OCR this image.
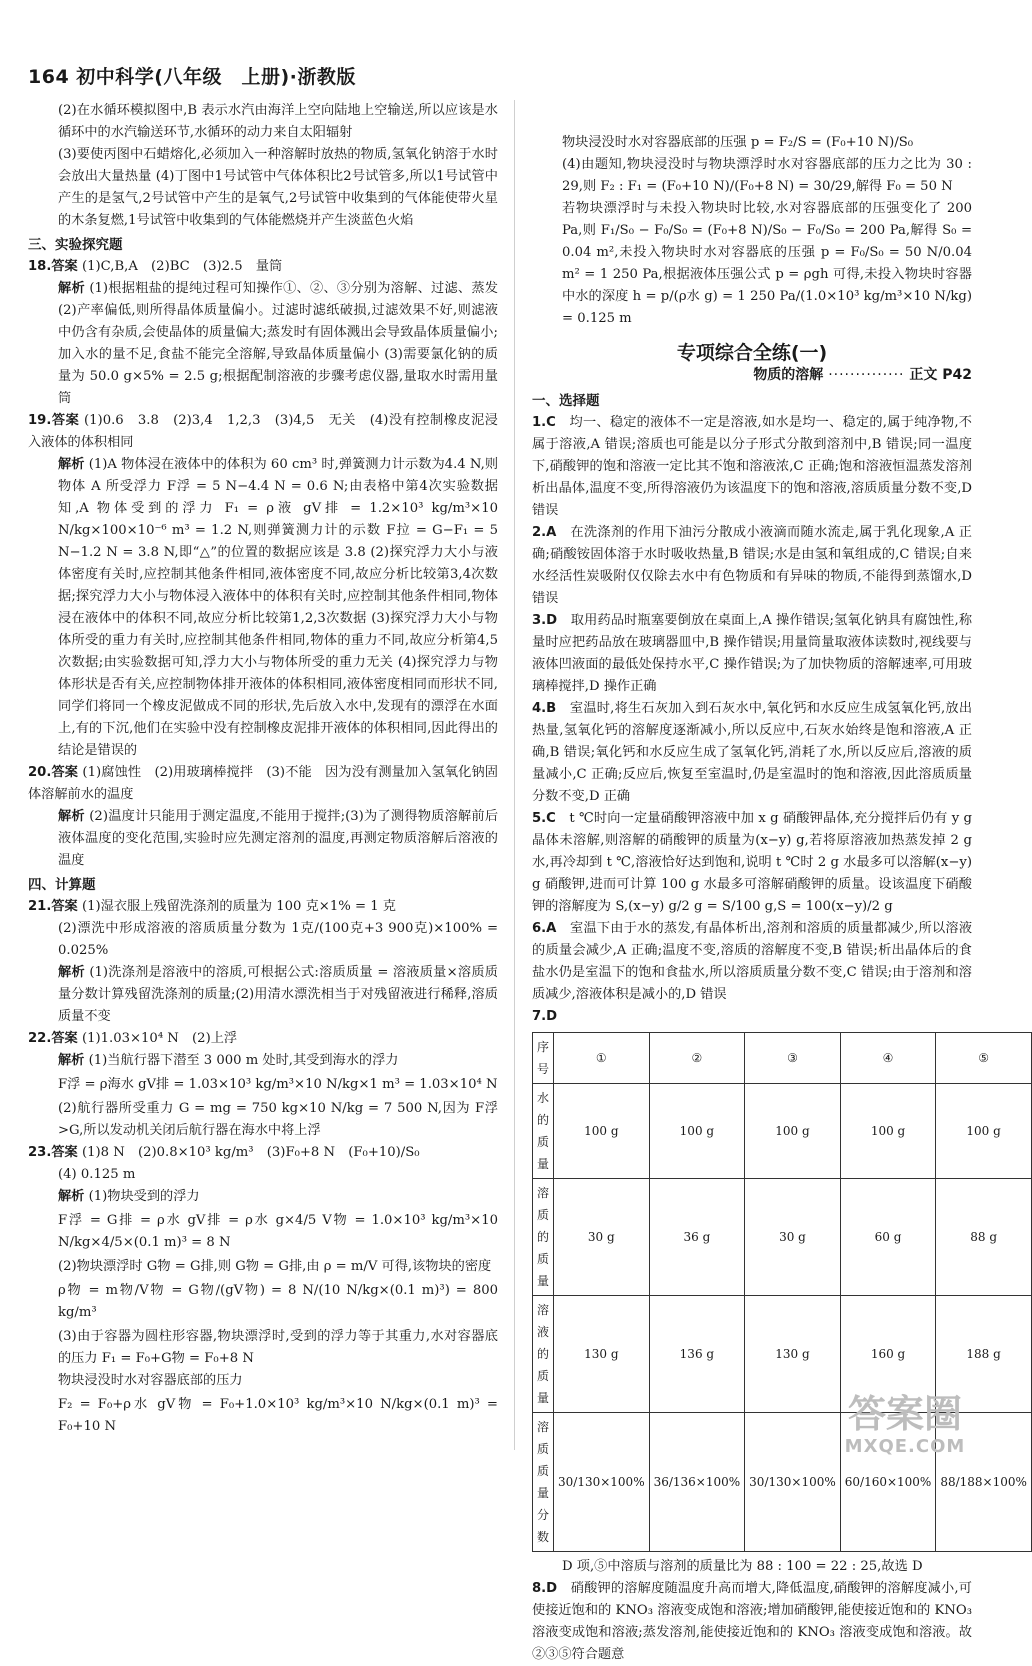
164 初中科学(八年级　上册)·浙教版

(2)在水循环模拟图中,B 表示水汽由海洋上空向陆地上空输送,所以应该是水循环中的水汽输送环节,水循环的动力来自太阳辐射

(3)要使丙图中石蜡熔化,必须加入一种溶解时放热的物质,氢氧化钠溶于水时会放出大量热量 (4)丁图中1号试管中气体体积比2号试管多,所以1号试管中产生的是氢气,2号试管中产生的是氧气,2号试管中收集到的气体能使带火星的木条复燃,1号试管中收集到的气体能燃烧并产生淡蓝色火焰

三、实验探究题

18.答案 (1)C,B,A　(2)BC　(3)2.5　量筒

解析 (1)根据粗盐的提纯过程可知操作①、②、③分别为溶解、过滤、蒸发 (2)产率偏低,则所得晶体质量偏小。过滤时滤纸破损,过滤效果不好,则滤液中仍含有杂质,会使晶体的质量偏大;蒸发时有固体溅出会导致晶体质量偏小;加入水的量不足,食盐不能完全溶解,导致晶体质量偏小 (3)需要氯化钠的质量为 50.0 g×5% = 2.5 g;根据配制溶液的步骤考虑仪器,量取水时需用量筒

19.答案 (1)0.6　3.8　(2)3,4　1,2,3　(3)4,5　无关　(4)没有控制橡皮泥浸入液体的体积相同

解析 (1)A 物体浸在液体中的体积为 60 cm³ 时,弹簧测力计示数为4.4 N,则物体 A 所受浮力 F浮 = 5 N−4.4 N = 0.6 N;由表格中第4次实验数据知,A 物体受到的浮力 F₁ = ρ液 gV排 = 1.2×10³ kg/m³×10 N/kg×100×10⁻⁶ m³ = 1.2 N,则弹簧测力计的示数 F拉 = G−F₁ = 5 N−1.2 N = 3.8 N,即“△”的位置的数据应该是 3.8 (2)探究浮力大小与液体密度有关时,应控制其他条件相同,液体密度不同,故应分析比较第3,4次数据;探究浮力大小与物体浸入液体中的体积有关时,应控制其他条件相同,物体浸在液体中的体积不同,故应分析比较第1,2,3次数据 (3)探究浮力大小与物体所受的重力有关时,应控制其他条件相同,物体的重力不同,故应分析第4,5次数据;由实验数据可知,浮力大小与物体所受的重力无关 (4)探究浮力与物体形状是否有关,应控制物体排开液体的体积相同,液体密度相同而形状不同,同学们将同一个橡皮泥做成不同的形状,先后放入水中,发现有的漂浮在水面上,有的下沉,他们在实验中没有控制橡皮泥排开液体的体积相同,因此得出的结论是错误的

20.答案 (1)腐蚀性　(2)用玻璃棒搅拌　(3)不能　因为没有测量加入氢氧化钠固体溶解前水的温度

解析 (2)温度计只能用于测定温度,不能用于搅拌;(3)为了测得物质溶解前后液体温度的变化范围,实验时应先测定溶剂的温度,再测定物质溶解后溶液的温度

四、计算题

21.答案 (1)湿衣服上残留洗涤剂的质量为 100 克×1% = 1 克

(2)漂洗中形成溶液的溶质质量分数为 1克/(100克+3 900克)×100% = 0.025%

解析 (1)洗涤剂是溶液中的溶质,可根据公式:溶质质量 = 溶液质量×溶质质量分数计算残留洗涤剂的质量;(2)用清水漂洗相当于对残留液进行稀释,溶质质量不变

22.答案 (1)1.03×10⁴ N　(2)上浮

解析 (1)当航行器下潜至 3 000 m 处时,其受到海水的浮力

F浮 = ρ海水 gV排 = 1.03×10³ kg/m³×10 N/kg×1 m³ = 1.03×10⁴ N

(2)航行器所受重力 G = mg = 750 kg×10 N/kg = 7 500 N,因为 F浮>G,所以发动机关闭后航行器在海水中将上浮

23.答案 (1)8 N　(2)0.8×10³ kg/m³　(3)F₀+8 N　(F₀+10)/S₀

(4) 0.125 m

解析 (1)物块受到的浮力

F浮 = G排 = ρ水 gV排 = ρ水 g×4/5 V物 = 1.0×10³ kg/m³×10 N/kg×4/5×(0.1 m)³ = 8 N

(2)物块漂浮时 G物 = G排,则 G物 = G排,由 ρ = m/V 可得,该物块的密度

ρ物 = m物/V物 = G物/(gV物) = 8 N/(10 N/kg×(0.1 m)³) = 800 kg/m³

(3)由于容器为圆柱形容器,物块漂浮时,受到的浮力等于其重力,水对容器底的压力 F₁ = F₀+G物 = F₀+8 N

物块浸没时水对容器底部的压力

F₂ = F₀+ρ水 gV物 = F₀+1.0×10³ kg/m³×10 N/kg×(0.1 m)³ = F₀+10 N

物块浸没时水对容器底部的压强 p = F₂/S = (F₀+10 N)/S₀

(4)由题知,物块浸没时与物块漂浮时水对容器底部的压力之比为 30 : 29,则 F₂ : F₁ = (F₀+10 N)/(F₀+8 N) = 30/29,解得 F₀ = 50 N

若物块漂浮时与未投入物块时比较,水对容器底部的压强变化了 200 Pa,则 F₁/S₀ − F₀/S₀ = (F₀+8 N)/S₀ − F₀/S₀ = 200 Pa,解得 S₀ = 0.04 m²,未投入物块时水对容器底的压强 p = F₀/S₀ = 50 N/0.04 m² = 1 250 Pa,根据液体压强公式 p = ρgh 可得,未投入物块时容器中水的深度 h = p/(ρ水 g) = 1 250 Pa/(1.0×10³ kg/m³×10 N/kg) = 0.125 m

专项综合全练(一)
物质的溶解 ·············· 正文 P42
一、选择题

1.C　 均一、稳定的液体不一定是溶液,如水是均一、稳定的,属于纯净物,不属于溶液,A 错误;溶质也可能是以分子形式分散到溶剂中,B 错误;同一温度下,硝酸钾的饱和溶液一定比其不饱和溶液浓,C 正确;饱和溶液恒温蒸发溶剂析出晶体,温度不变,所得溶液仍为该温度下的饱和溶液,溶质质量分数不变,D 错误

2.A　 在洗涤剂的作用下油污分散成小液滴而随水流走,属于乳化现象,A 正确;硝酸铵固体溶于水时吸收热量,B 错误;水是由氢和氧组成的,C 错误;自来水经活性炭吸附仅仅除去水中有色物质和有异味的物质,不能得到蒸馏水,D 错误

3.D　 取用药品时瓶塞要倒放在桌面上,A 操作错误;氢氧化钠具有腐蚀性,称量时应把药品放在玻璃器皿中,B 操作错误;用量筒量取液体读数时,视线要与液体凹液面的最低处保持水平,C 操作错误;为了加快物质的溶解速率,可用玻璃棒搅拌,D 操作正确

4.B　 室温时,将生石灰加入到石灰水中,氧化钙和水反应生成氢氧化钙,放出热量,氢氧化钙的溶解度逐渐减小,所以反应中,石灰水始终是饱和溶液,A 正确,B 错误;氧化钙和水反应生成了氢氧化钙,消耗了水,所以反应后,溶液的质量减小,C 正确;反应后,恢复至室温时,仍是室温时的饱和溶液,因此溶质质量分数不变,D 正确

5.C　 t ℃时向一定量硝酸钾溶液中加 x g 硝酸钾晶体,充分搅拌后仍有 y g 晶体未溶解,则溶解的硝酸钾的质量为(x−y) g,若将原溶液加热蒸发掉 2 g 水,再冷却到 t ℃,溶液恰好达到饱和,说明 t ℃时 2 g 水最多可以溶解(x−y) g 硝酸钾,进而可计算 100 g 水最多可溶解硝酸钾的质量。设该温度下硝酸钾的溶解度为 S,(x−y) g/2 g = S/100 g,S = 100(x−y)/2 g

6.A　 室温下由于水的蒸发,有晶体析出,溶剂和溶质的质量都减少,所以溶液的质量会减少,A 正确;温度不变,溶质的溶解度不变,B 错误;析出晶体后的食盐水仍是室温下的饱和食盐水,所以溶质质量分数不变,C 错误;由于溶剂和溶质减少,溶液体积是减小的,D 错误

7.D

序号	①	②	③	④	⑤
水的质量	100 g	100 g	100 g	100 g	100 g
溶质的质量	30 g	36 g	30 g	60 g	88 g
溶液的质量	130 g	136 g	130 g	160 g	188 g
溶质质量分数	30/130×100%	36/136×100%	30/130×100%	60/160×100%	88/188×100%

D 项,⑤中溶质与溶剂的质量比为 88 : 100 = 22 : 25,故选 D

8.D　 硝酸钾的溶解度随温度升高而增大,降低温度,硝酸钾的溶解度减小,可使接近饱和的 KNO₃ 溶液变成饱和溶液;增加硝酸钾,能使接近饱和的 KNO₃ 溶液变成饱和溶液;蒸发溶剂,能使接近饱和的 KNO₃ 溶液变成饱和溶液。故②③⑤符合题意

答案圈
MXQE.COM
